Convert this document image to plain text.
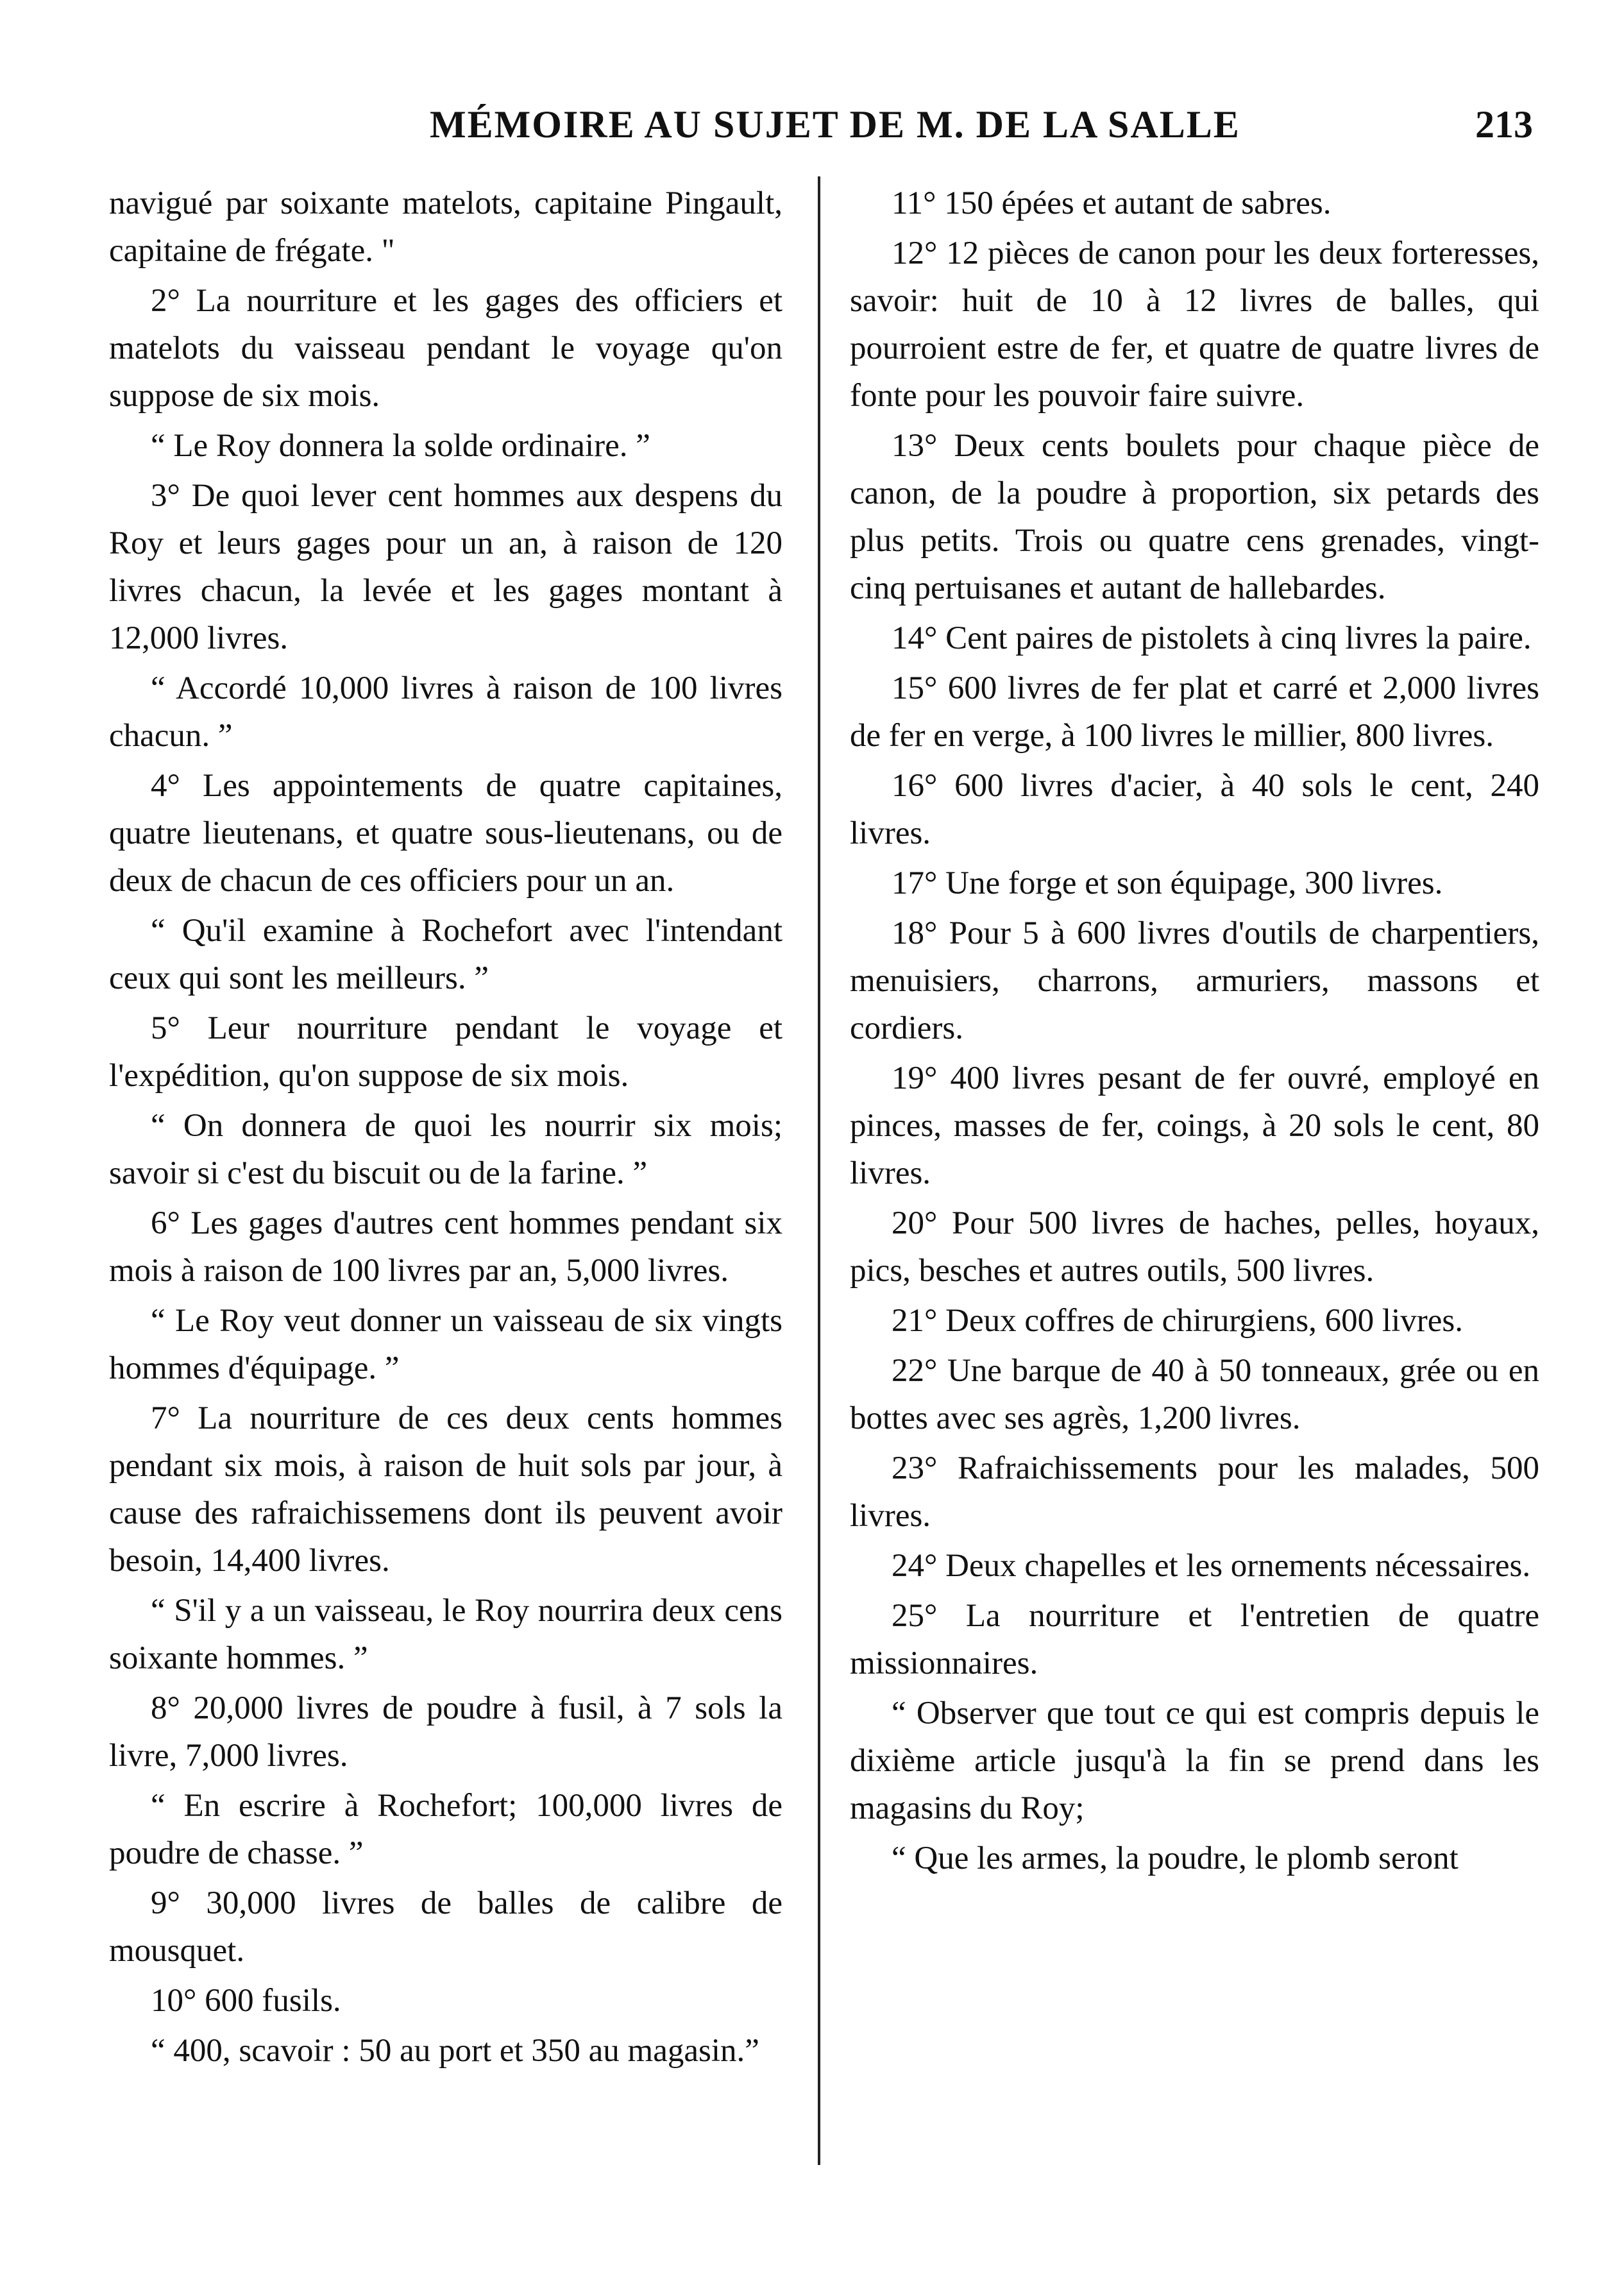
MÉMOIRE AU SUJET DE M. DE LA SALLE	213

navigué par soixante matelots, capitaine Pingault, capitaine de frégate. "

2° La nourriture et les gages des officiers et matelots du vaisseau pendant le voyage qu'on suppose de six mois.

“ Le Roy donnera la solde ordinaire. ”

3° De quoi lever cent hommes aux despens du Roy et leurs gages pour un an, à raison de 120 livres chacun, la levée et les gages montant à 12,000 livres.

“ Accordé 10,000 livres à raison de 100 livres chacun. ”

4° Les appointements de quatre capitaines, quatre lieutenans, et quatre sous-lieutenans, ou de deux de chacun de ces officiers pour un an.

“ Qu'il examine à Rochefort avec l'intendant ceux qui sont les meilleurs. ”

5° Leur nourriture pendant le voyage et l'expédition, qu'on suppose de six mois.

“ On donnera de quoi les nourrir six mois; savoir si c'est du biscuit ou de la farine. ”

6° Les gages d'autres cent hommes pendant six mois à raison de 100 livres par an, 5,000 livres.

“ Le Roy veut donner un vaisseau de six vingts hommes d'équipage. ”

7° La nourriture de ces deux cents hommes pendant six mois, à raison de huit sols par jour, à cause des rafraichissemens dont ils peuvent avoir besoin, 14,400 livres.

“ S'il y a un vaisseau, le Roy nourrira deux cens soixante hommes. ”

8° 20,000 livres de poudre à fusil, à 7 sols la livre, 7,000 livres.

“ En escrire à Rochefort; 100,000 livres de poudre de chasse. ”

9° 30,000 livres de balles de calibre de mousquet.

10° 600 fusils.

“ 400, scavoir : 50 au port et 350 au magasin.”

11° 150 épées et autant de sabres.

12° 12 pièces de canon pour les deux forteresses, savoir: huit de 10 à 12 livres de balles, qui pourroient estre de fer, et quatre de quatre livres de fonte pour les pouvoir faire suivre.

13° Deux cents boulets pour chaque pièce de canon, de la poudre à proportion, six petards des plus petits. Trois ou quatre cens grenades, vingt-cinq pertuisanes et autant de hallebardes.

14° Cent paires de pistolets à cinq livres la paire.

15° 600 livres de fer plat et carré et 2,000 livres de fer en verge, à 100 livres le millier, 800 livres.

16° 600 livres d'acier, à 40 sols le cent, 240 livres.

17° Une forge et son équipage, 300 livres.

18° Pour 5 à 600 livres d'outils de charpentiers, menuisiers, charrons, armuriers, massons et cordiers.

19° 400 livres pesant de fer ouvré, employé en pinces, masses de fer, coings, à 20 sols le cent, 80 livres.

20° Pour 500 livres de haches, pelles, hoyaux, pics, besches et autres outils, 500 livres.

21° Deux coffres de chirurgiens, 600 livres.

22° Une barque de 40 à 50 tonneaux, grée ou en bottes avec ses agrès, 1,200 livres.

23° Rafraichissements pour les malades, 500 livres.

24° Deux chapelles et les ornements nécessaires.

25° La nourriture et l'entretien de quatre missionnaires.

“ Observer que tout ce qui est compris depuis le dixième article jusqu'à la fin se prend dans les magasins du Roy;

“ Que les armes, la poudre, le plomb seront
